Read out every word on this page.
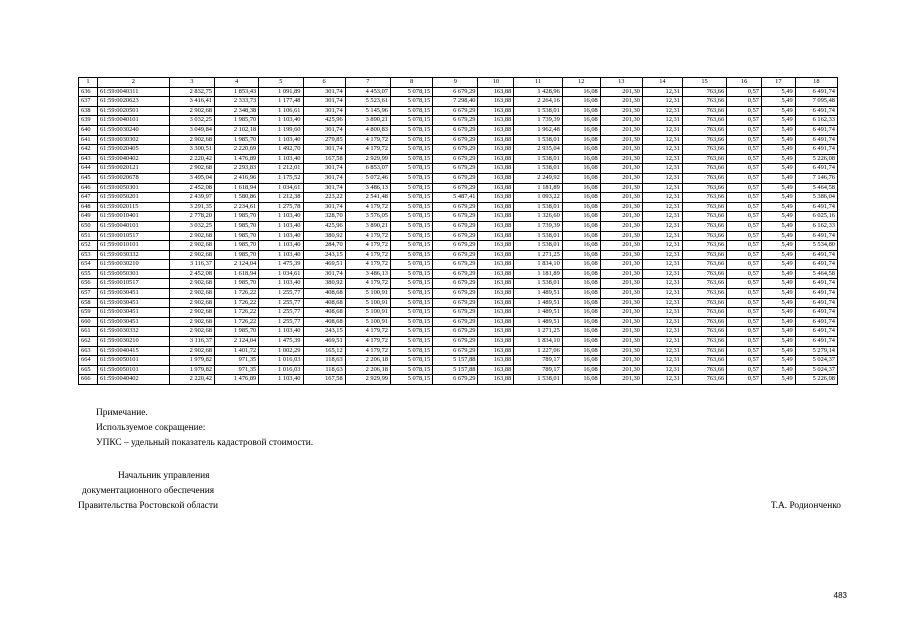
1	2	3	4	5	6	7	8	9	10	11	12	13	14	15	16	17	18
636	61:59:0040311	2 832,75	1 853,43	1 091,89	301,74	4 453,07	5 078,15	6 679,29	163,88	1 428,96	16,08	201,30	12,31	763,66	0,57	5,49	6 491,74
637	61:59:0020623	3 416,41	2 333,73	1 177,48	301,74	5 523,61	5 078,15	7 298,40	163,88	2 264,16	16,08	201,30	12,31	763,66	0,57	5,49	7 095,48
638	61:59:0020501	2 902,68	2 348,38	1 106,61	301,74	5 145,96	5 078,15	6 679,29	163,88	1 538,01	16,08	201,30	12,31	763,66	0,57	5,49	6 491,74
639	61:59:0040101	3 032,25	1 985,70	1 103,40	425,96	3 890,21	5 078,15	6 679,29	163,88	1 739,39	16,08	201,30	12,31	763,66	0,57	5,49	6 162,33
640	61:59:0030240	3 049,84	2 102,18	1 199,60	301,74	4 800,83	5 078,15	6 679,29	163,88	1 962,48	16,08	201,30	12,31	763,66	0,57	5,49	6 491,74
641	61:59:0030302	2 902,68	1 985,70	1 103,40	279,85	4 179,72	5 078,15	6 679,29	163,88	1 538,01	16,08	201,30	12,31	763,66	0,57	5,49	6 491,74
642	61:59:0020405	3 300,51	2 220,69	1 492,70	301,74	4 179,72	5 078,15	6 679,29	163,88	2 935,04	16,08	201,30	12,31	763,66	0,57	5,49	6 491,74
643	61:59:0040402	2 220,42	1 476,89	1 103,40	167,58	2 929,99	5 078,15	6 679,29	163,88	1 538,01	16,08	201,30	12,31	763,66	0,57	5,49	5 226,08
644	61:59:0020121	2 902,68	2 293,83	1 212,01	301,74	6 853,07	5 078,15	6 679,29	163,88	1 538,01	16,08	201,30	12,31	763,66	0,57	5,49	6 491,74
645	61:59:0020678	3 495,04	2 416,96	1 175,52	301,74	5 072,46	5 078,15	6 679,29	163,88	2 249,92	16,08	201,30	12,31	763,66	0,57	5,49	7 146,76
646	61:59:0050301	2 452,08	1 618,94	1 034,61	301,74	3 486,13	5 078,15	6 679,29	163,88	1 181,89	16,08	201,30	12,31	763,66	0,57	5,49	5 464,58
647	61:59:0050201	2 439,97	1 580,86	1 212,38	223,22	2 541,48	5 078,15	5 487,41	163,88	1 093,22	16,08	201,30	12,31	763,66	0,57	5,49	5 386,04
648	61:59:0020115	3 291,35	2 234,61	1 275,78	301,74	4 179,72	5 078,15	6 679,29	163,88	1 538,01	16,08	201,30	12,31	763,66	0,57	5,49	6 491,74
649	61:59:0010401	2 778,20	1 985,70	1 103,40	328,70	3 576,05	5 078,15	6 679,29	163,88	1 326,60	16,08	201,30	12,31	763,66	0,57	5,49	6 025,16
650	61:59:0040101	3 032,25	1 985,70	1 103,40	425,96	3 890,21	5 078,15	6 679,29	163,88	1 739,39	16,08	201,30	12,31	763,66	0,57	5,49	6 162,33
651	61:59:0010517	2 902,68	1 985,70	1 103,40	380,92	4 179,72	5 078,15	6 679,29	163,88	1 538,01	16,08	201,30	12,31	763,66	0,57	5,49	6 491,74
652	61:59:0010101	2 902,68	1 985,70	1 103,40	284,70	4 179,72	5 078,15	6 679,29	163,88	1 538,01	16,08	201,30	12,31	763,66	0,57	5,49	5 534,80
653	61:59:0030332	2 902,68	1 985,70	1 103,40	243,15	4 179,72	5 078,15	6 679,29	163,88	1 271,25	16,08	201,30	12,31	763,66	0,57	5,49	6 491,74
654	61:59:0030210	3 116,37	2 124,04	1 475,39	469,51	4 179,72	5 078,15	6 679,29	163,88	1 834,10	16,08	201,30	12,31	763,66	0,57	5,49	6 491,74
655	61:59:0050301	2 452,08	1 618,94	1 034,61	301,74	3 486,13	5 078,15	6 679,29	163,88	1 181,89	16,08	201,30	12,31	763,66	0,57	5,49	5 464,58
656	61:59:0010517	2 902,68	1 985,70	1 103,40	380,92	4 179,72	5 078,15	6 679,29	163,88	1 538,01	16,08	201,30	12,31	763,66	0,57	5,49	6 491,74
657	61:59:0030451	2 902,68	1 726,22	1 255,77	408,68	5 100,91	5 078,15	6 679,29	163,88	1 489,51	16,08	201,30	12,31	763,66	0,57	5,49	6 491,74
658	61:59:0030451	2 902,68	1 726,22	1 255,77	408,68	5 100,91	5 078,15	6 679,29	163,88	1 489,51	16,08	201,30	12,31	763,66	0,57	5,49	6 491,74
659	61:59:0030451	2 902,68	1 726,22	1 255,77	408,68	5 100,91	5 078,15	6 679,29	163,88	1 489,51	16,08	201,30	12,31	763,66	0,57	5,49	6 491,74
660	61:59:0030451	2 902,68	1 726,22	1 255,77	408,68	5 100,91	5 078,15	6 679,29	163,88	1 489,51	16,08	201,30	12,31	763,66	0,57	5,49	6 491,74
661	61:59:0030332	2 902,68	1 985,70	1 103,40	243,15	4 179,72	5 078,15	6 679,29	163,88	1 271,25	16,08	201,30	12,31	763,66	0,57	5,49	6 491,74
662	61:59:0030210	3 116,37	2 124,04	1 475,39	469,51	4 179,72	5 078,15	6 679,29	163,88	1 834,10	16,08	201,30	12,31	763,66	0,57	5,49	6 491,74
663	61:59:0040415	2 902,68	1 401,72	1 002,29	165,12	4 179,72	5 078,15	6 679,29	163,88	1 227,06	16,08	201,30	12,31	763,66	0,57	5,49	5 279,14
664	61:59:0050101	1 979,82	971,35	1 016,03	118,63	2 206,18	5 078,15	5 157,88	163,88	789,17	16,08	201,30	12,31	763,66	0,57	5,49	5 024,37
665	61:59:0050101	1 979,82	971,35	1 016,03	118,63	2 206,18	5 078,15	5 157,88	163,88	789,17	16,08	201,30	12,31	763,66	0,57	5,49	5 024,37
666	61:59:0040402	2 220,42	1 476,89	1 103,40	167,58	2 929,99	5 078,15	6 679,29	163,88	1 538,01	16,08	201,30	12,31	763,66	0,57	5,49	5 226,08
Примечание.
Используемое сокращение:
УПКС – удельный показатель кадастровой стоимости.
Начальник управления
документационного обеспечения
Правительства Ростовской области	Т.А. Родионченко
483
